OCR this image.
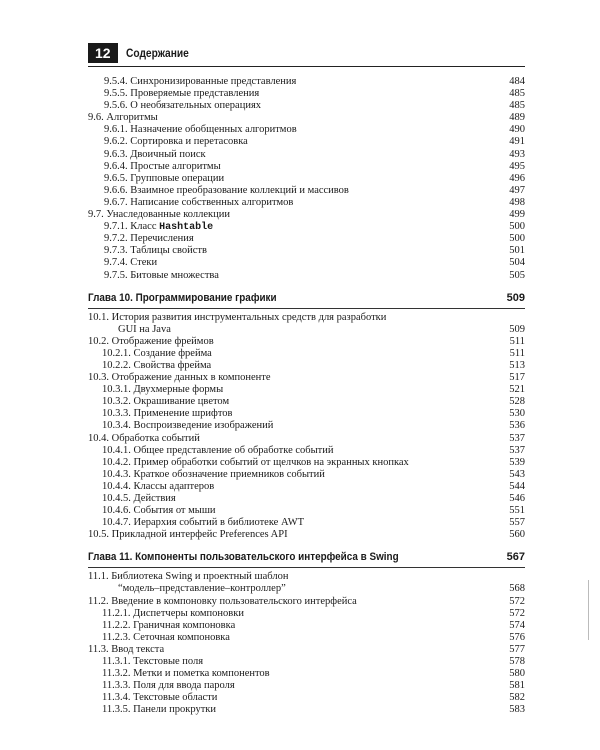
12	Содержание
9.5.4. Синхронизированные представления	484
9.5.5. Проверяемые представления	485
9.5.6. О необязательных операциях	485
9.6. Алгоритмы	489
9.6.1. Назначение обобщенных алгоритмов	490
9.6.2. Сортировка и перетасовка	491
9.6.3. Двоичный поиск	493
9.6.4. Простые алгоритмы	495
9.6.5. Групповые операции	496
9.6.6. Взаимное преобразование коллекций и массивов	497
9.6.7. Написание собственных алгоритмов	498
9.7. Унаследованные коллекции	499
9.7.1. Класс Hashtable	500
9.7.2. Перечисления	500
9.7.3. Таблицы свойств	501
9.7.4. Стеки	504
9.7.5. Битовые множества	505
Глава 10. Программирование графики	509
10.1. История развития инструментальных средств для разработки
GUI на Java	509
10.2. Отображение фреймов	511
10.2.1. Создание фрейма	511
10.2.2. Свойства фрейма	513
10.3. Отображение данных в компоненте	517
10.3.1. Двухмерные формы	521
10.3.2. Окрашивание цветом	528
10.3.3. Применение шрифтов	530
10.3.4. Воспроизведение изображений	536
10.4. Обработка событий	537
10.4.1. Общее представление об обработке событий	537
10.4.2. Пример обработки событий от щелчков на экранных кнопках	539
10.4.3. Краткое обозначение приемников событий	543
10.4.4. Классы адаптеров	544
10.4.5. Действия	546
10.4.6. События от мыши	551
10.4.7. Иерархия событий в библиотеке AWT	557
10.5. Прикладной интерфейс Preferences API	560
Глава 11. Компоненты пользовательского интерфейса в Swing	567
11.1. Библиотека Swing и проектный шаблон
“модель–представление–контроллер”	568
11.2. Введение в компоновку пользовательского интерфейса	572
11.2.1. Диспетчеры компоновки	572
11.2.2. Граничная компоновка	574
11.2.3. Сеточная компоновка	576
11.3. Ввод текста	577
11.3.1. Текстовые поля	578
11.3.2. Метки и пометка компонентов	580
11.3.3. Поля для ввода пароля	581
11.3.4. Текстовые области	582
11.3.5. Панели прокрутки	583
